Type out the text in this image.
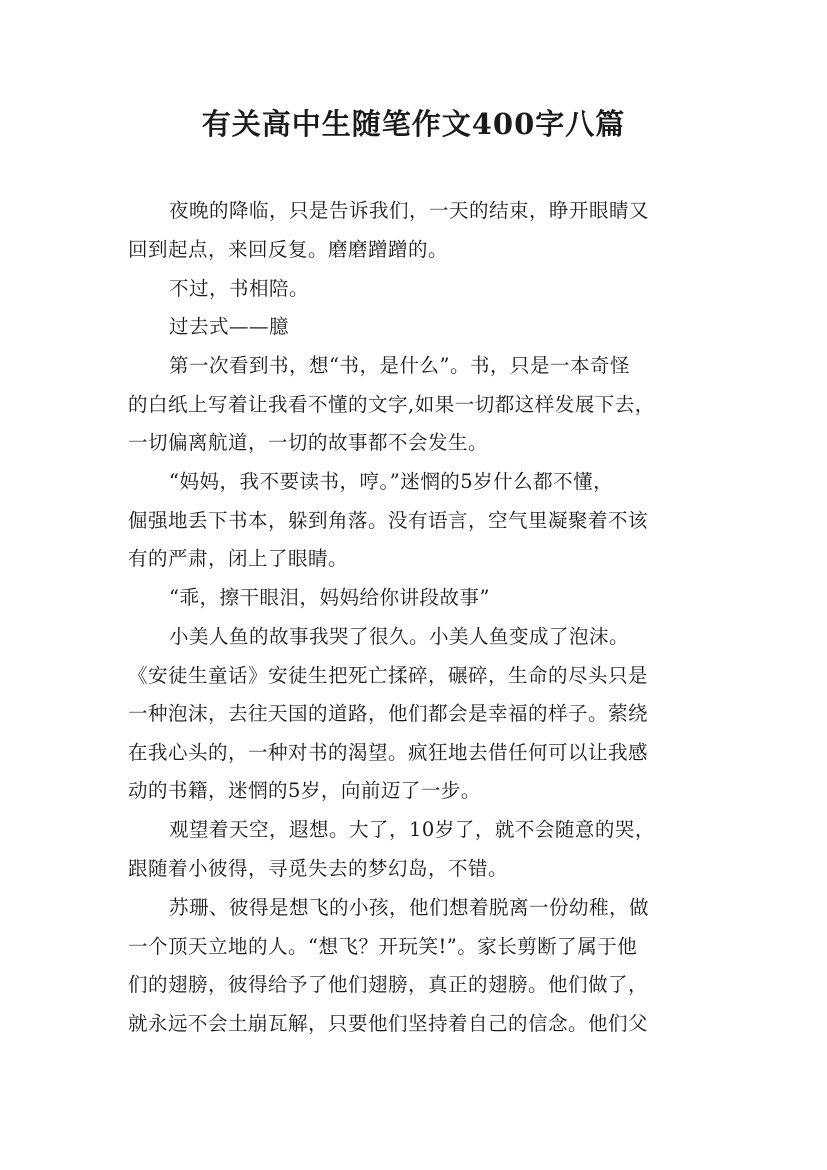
有关高中生随笔作文400字八篇
夜晚的降临，只是告诉我们，一天的结束，睁开眼睛又
回到起点，来回反复。磨磨蹭蹭的。
不过，书相陪。
过去式——臆
第一次看到书，想“书，是什么”。书，只是一本奇怪
的白纸上写着让我看不懂的文字,如果一切都这样发展下去，
一切偏离航道，一切的故事都不会发生。
“妈妈，我不要读书，哼。”迷惘的5岁什么都不懂，
倔强地丢下书本，躲到角落。没有语言，空气里凝聚着不该
有的严肃，闭上了眼睛。
“乖，擦干眼泪，妈妈给你讲段故事”
小美人鱼的故事我哭了很久。小美人鱼变成了泡沫。
《安徒生童话》安徒生把死亡揉碎，碾碎，生命的尽头只是
一种泡沫，去往天国的道路，他们都会是幸福的样子。萦绕
在我心头的，一种对书的渴望。疯狂地去借任何可以让我感
动的书籍，迷惘的5岁，向前迈了一步。
观望着天空，遐想。大了，10岁了，就不会随意的哭，
跟随着小彼得，寻觅失去的梦幻岛，不错。
苏珊、彼得是想飞的小孩，他们想着脱离一份幼稚，做
一个顶天立地的人。“想飞？开玩笑!”。家长剪断了属于他
们的翅膀，彼得给予了他们翅膀，真正的翅膀。他们做了，
就永远不会土崩瓦解，只要他们坚持着自己的信念。他们父
